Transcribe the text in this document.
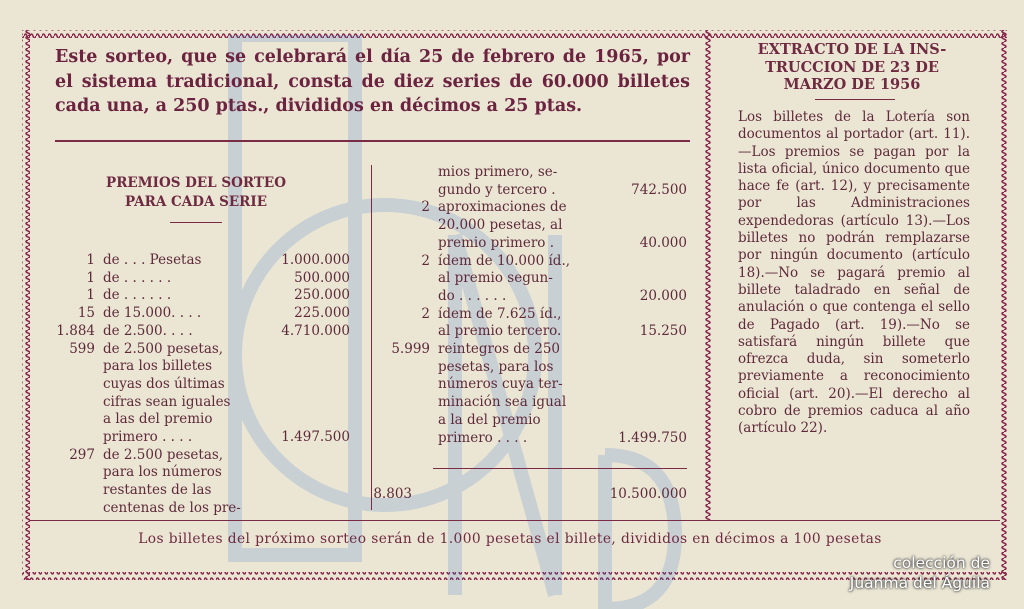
Este sorteo, que se celebrará el día 25 de febrero de 1965, por el sistema tradicional, consta de diez series de 60.000 billetes cada una, a 250 ptas., divididos en décimos a 25 ptas.
PREMIOS DEL SORTEO
PARA CADA SERIE
1 de . . . Pesetas	1.000.000
1 de . . . . . .	500.000
1 de . . . . . .	250.000
15 de 15.000. . . .	225.000
1.884 de 2.500. . . .	4.710.000
599 de 2.500 pesetas,
para los billetes
cuyas dos últimas
cifras sean iguales
a las del premio
primero . . . .	1.497.500
297 de 2.500 pesetas,
para los números
restantes de las
centenas de los pre-
mios primero, se-
gundo y tercero .	742.500
2 aproximaciones de
20.000 pesetas, al
premio primero .	40.000
2 ídem de 10.000 íd.,
al premio segun-
do . . . . . .	20.000
2 ídem de 7.625 íd.,
al premio tercero.	15.250
5.999 reintegros de 250
pesetas, para los
números cuya ter-
minación sea igual
a la del premio
primero . . . .	1.499.750
8.803	10.500.000
EXTRACTO DE LA INS-
TRUCCION DE 23 DE
MARZO DE 1956
Los billetes de la Lotería son documentos al portador (art. 11).—Los premios se pagan por la lista oficial, único documento que hace fe (art. 12), y precisamente por las Administraciones expendedoras (artículo 13).—Los billetes no podrán remplazarse por ningún documento (artículo 18).—No se pagará premio al billete taladrado en señal de anulación o que contenga el sello de Pagado (art. 19).—No se satisfará ningún billete que ofrezca duda, sin someterlo previamente a reconocimiento oficial (art. 20).—El derecho al cobro de premios caduca al año (artículo 22).
Los billetes del próximo sorteo serán de 1.000 pesetas el billete, divididos en décimos a 100 pesetas
colección de
Juanma del Águila
